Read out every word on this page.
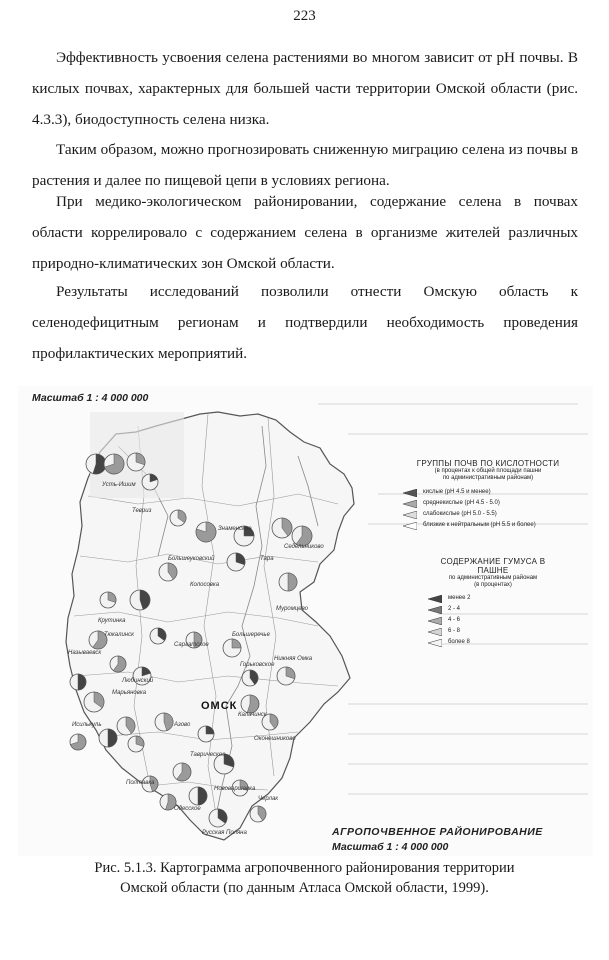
223

Эффективность усвоения селена растениями во многом зависит от pH почвы. В кислых почвах, характерных для большей части территории Омской области (рис. 4.3.3), биодоступность селена низка.

Таким образом, можно прогнозировать сниженную миграцию селена из почвы в растения и далее по пищевой цепи в условиях региона.

При медико-экологическом районировании, содержание селена в почвах области коррелировало с содержанием селена в организме жителей различных природно-климатических зон Омской области.

Результаты исследований позволили отнести Омскую область к селенодефицитным регионам и подтвердили необходимость проведения профилактических мероприятий.

Масштаб 1 : 4 000 000
ОМСК
ГРУППЫ ПОЧВ ПО КИСЛОТНОСТИ
(в процентах к общей площади пашни
по административным районам)
кислые (pH 4.5 и менее)
среднекислые (pH 4.5 - 5.0)
слабокислые (pH 5.0 - 5.5)
близкие к нейтральным (pH 5.5 и более)
СОДЕРЖАНИЕ ГУМУСА В ПАШНЕ
по административным районам
(в процентах)
менее 2
2 - 4
4 - 6
6 - 8
более 8
Усть-Ишим
Тевриз
Знаменское
Тара
Седельниково
Большеуковский
Колосовка
Муромцево
Крутинка
Тюкалинск
Называевск
Саргатское
Большеречье
Горьковское
Нижняя Омка
Любинский
Марьяновка
Исилькуль	Азово
Калачинск
Оконешниково
Таврическое
Черлак
Полтавка
Русская Поляна
Одесское
Нововаршавка
АГРОПОЧВЕННОЕ РАЙОНИРОВАНИЕ
Масштаб 1 : 4 000 000
Рис. 5.1.3. Картограмма агропочвенного районирования территории
Омской области (по данным Атласа Омской области, 1999).
